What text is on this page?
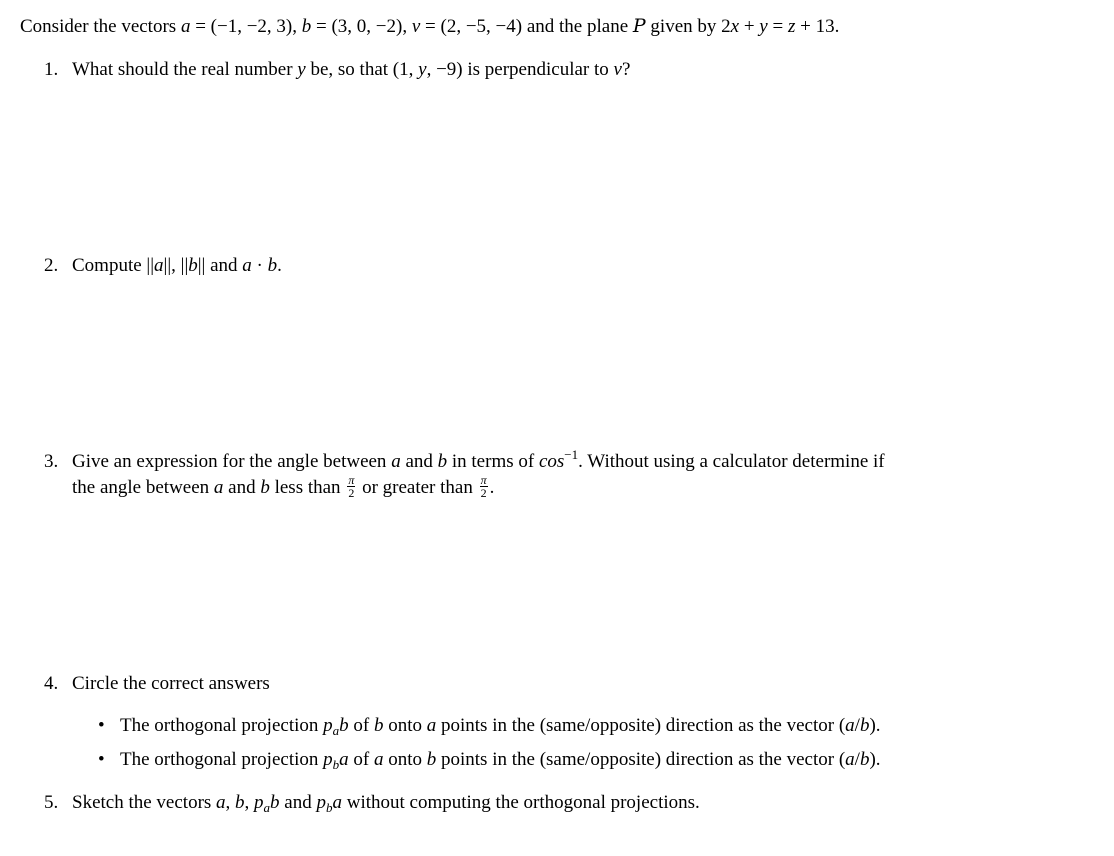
Consider the vectors a = (−1, −2, 3), b = (3, 0, −2), v = (2, −5, −4) and the plane P given by 2x + y = z + 13.
1. What should the real number y be, so that (1, y, −9) is perpendicular to v?
2. Compute ||a||, ||b|| and a · b.
3. Give an expression for the angle between a and b in terms of $\cos^{-1}$. Without using a calculator determine if
the angle between a and b less than $\frac{\pi}{2}$ or greater than $\frac{\pi}{2}$ .
4. Circle the correct answers
• The orthogonal projection $p_ab$ of b onto a points in the (same/opposite) direction as the vector (a/b).
• The orthogonal projection $p_ba$ of a onto b points in the (same/opposite) direction as the vector (a/b).
5. Sketch the vectors a, b, $p_ab$ and $p_ba$ without computing the orthogonal projections.
